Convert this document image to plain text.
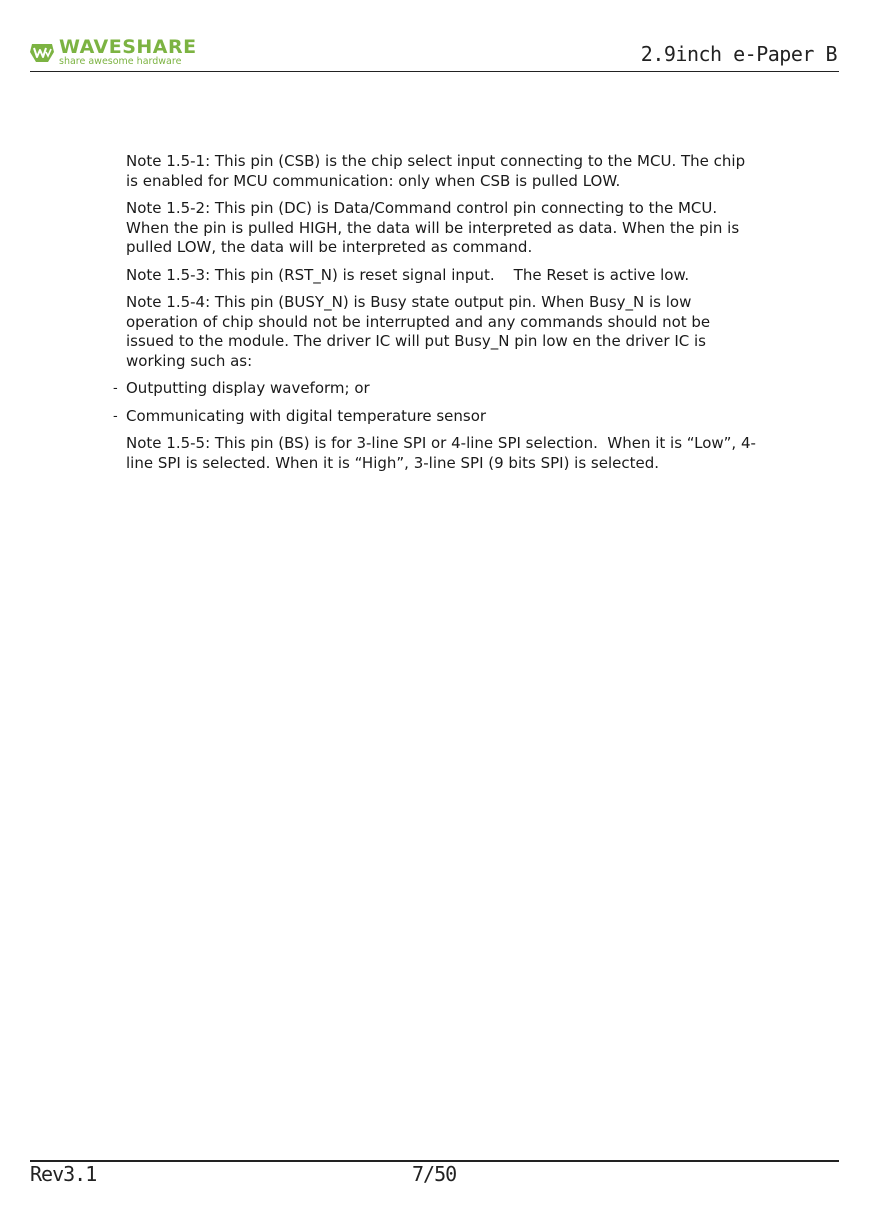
WAVESHARE
share awesome hardware	2.9inch e-Paper B

Note 1.5-1: This pin (CSB) is the chip select input connecting to the MCU. The chip is enabled for MCU communication: only when CSB is pulled LOW.

Note 1.5-2: This pin (DC) is Data/Command control pin connecting to the MCU. When the pin is pulled HIGH, the data will be interpreted as data. When the pin is pulled LOW, the data will be interpreted as command.

Note 1.5-3: This pin (RST_N) is reset signal input.    The Reset is active low.

Note 1.5-4: This pin (BUSY_N) is Busy state output pin. When Busy_N is low operation of chip should not be interrupted and any commands should not be issued to the module. The driver IC will put Busy_N pin low en the driver IC is working such as:

- Outputting display waveform; or
- Communicating with digital temperature sensor

Note 1.5-5: This pin (BS) is for 3-line SPI or 4-line SPI selection.  When it is “Low”, 4-line SPI is selected. When it is “High”, 3-line SPI (9 bits SPI) is selected.

Rev3.1	7/50
